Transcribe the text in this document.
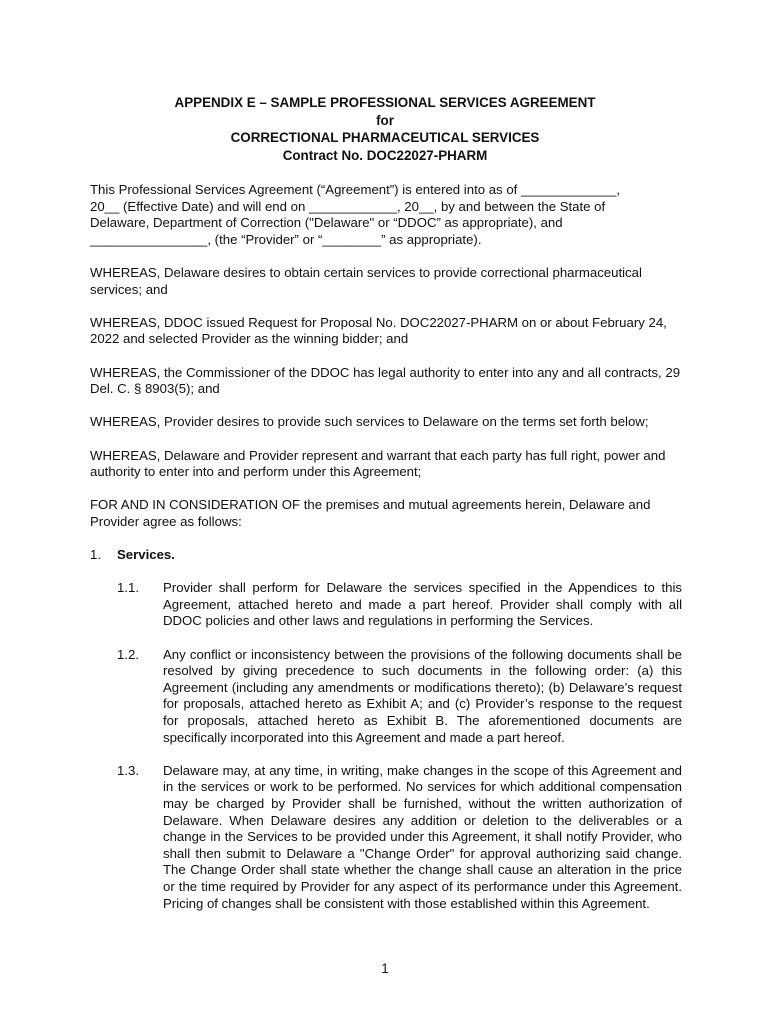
APPENDIX E – SAMPLE PROFESSIONAL SERVICES AGREEMENT
for
CORRECTIONAL PHARMACEUTICAL SERVICES
Contract No. DOC22027-PHARM

This Professional Services Agreement (“Agreement”) is entered into as of _____________,
20__ (Effective Date) and will end on ____________, 20__, by and between the State of
Delaware, Department of Correction ("Delaware" or “DDOC” as appropriate), and
________________, (the “Provider” or “________” as appropriate).

WHEREAS, Delaware desires to obtain certain services to provide correctional pharmaceutical services; and

WHEREAS, DDOC issued Request for Proposal No. DOC22027-PHARM on or about February 24, 2022 and selected Provider as the winning bidder; and

WHEREAS, the Commissioner of the DDOC has legal authority to enter into any and all contracts, 29 Del. C. § 8903(5); and

WHEREAS, Provider desires to provide such services to Delaware on the terms set forth below;

WHEREAS, Delaware and Provider represent and warrant that each party has full right, power and authority to enter into and perform under this Agreement;

FOR AND IN CONSIDERATION OF the premises and mutual agreements herein, Delaware and Provider agree as follows:

1.	Services.
1.1.	Provider shall perform for Delaware the services specified in the Appendices to this Agreement, attached hereto and made a part hereof. Provider shall comply with all DDOC policies and other laws and regulations in performing the Services.
1.2.	Any conflict or inconsistency between the provisions of the following documents shall be resolved by giving precedence to such documents in the following order: (a) this Agreement (including any amendments or modifications thereto); (b) Delaware’s request for proposals, attached hereto as Exhibit A; and (c) Provider’s response to the request for proposals, attached hereto as Exhibit B. The aforementioned documents are specifically incorporated into this Agreement and made a part hereof.
1.3.	Delaware may, at any time, in writing, make changes in the scope of this Agreement and in the services or work to be performed. No services for which additional compensation may be charged by Provider shall be furnished, without the written authorization of Delaware. When Delaware desires any addition or deletion to the deliverables or a change in the Services to be provided under this Agreement, it shall notify Provider, who shall then submit to Delaware a "Change Order" for approval authorizing said change. The Change Order shall state whether the change shall cause an alteration in the price or the time required by Provider for any aspect of its performance under this Agreement. Pricing of changes shall be consistent with those established within this Agreement.
1
